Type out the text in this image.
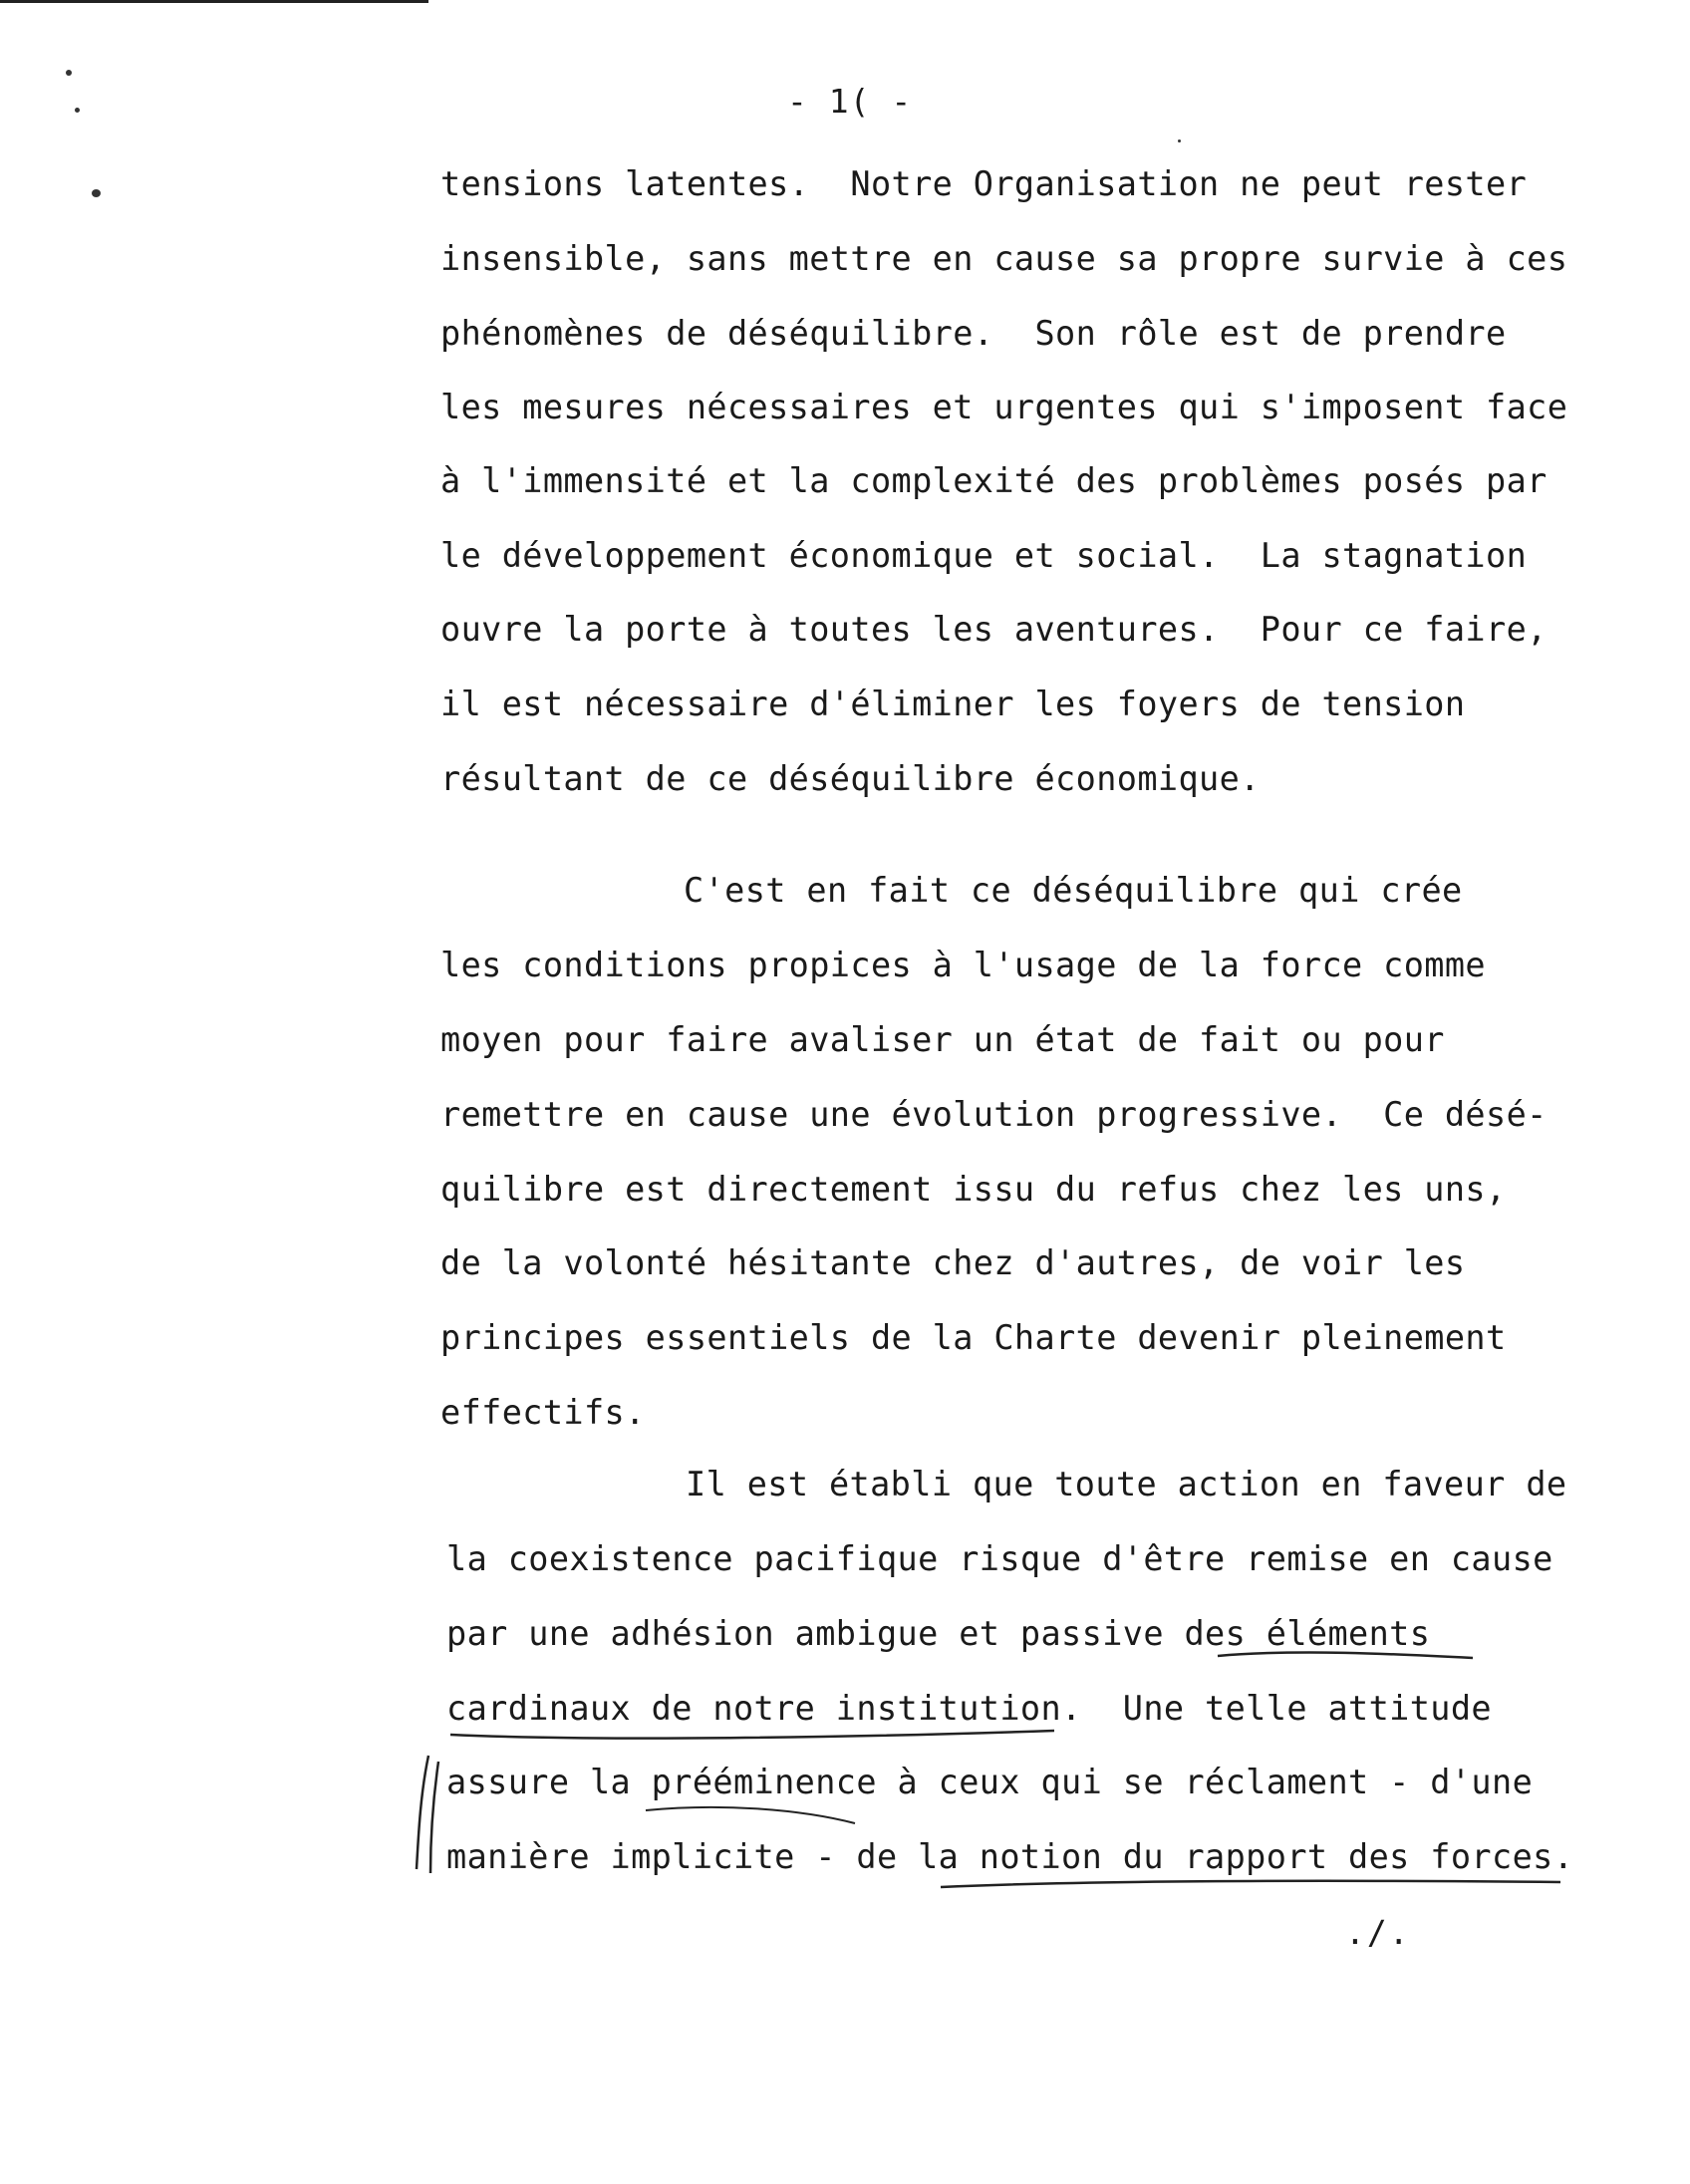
- 1( -
tensions latentes.  Notre Organisation ne peut rester
insensible, sans mettre en cause sa propre survie à ces
phénomènes de déséquilibre.  Son rôle est de prendre
les mesures nécessaires et urgentes qui s'imposent face
à l'immensité et la complexité des problèmes posés par
le développement économique et social.  La stagnation
ouvre la porte à toutes les aventures.  Pour ce faire,
il est nécessaire d'éliminer les foyers de tension
résultant de ce déséquilibre économique.
C'est en fait ce déséquilibre qui crée
les conditions propices à l'usage de la force comme
moyen pour faire avaliser un état de fait ou pour
remettre en cause une évolution progressive.  Ce désé-
quilibre est directement issu du refus chez les uns,
de la volonté hésitante chez d'autres, de voir les
principes essentiels de la Charte devenir pleinement
effectifs.
Il est établi que toute action en faveur de
la coexistence pacifique risque d'être remise en cause
par une adhésion ambigue et passive des éléments
cardinaux de notre institution.  Une telle attitude
assure la prééminence à ceux qui se réclament - d'une
manière implicite - de la notion du rapport des forces.
./.
